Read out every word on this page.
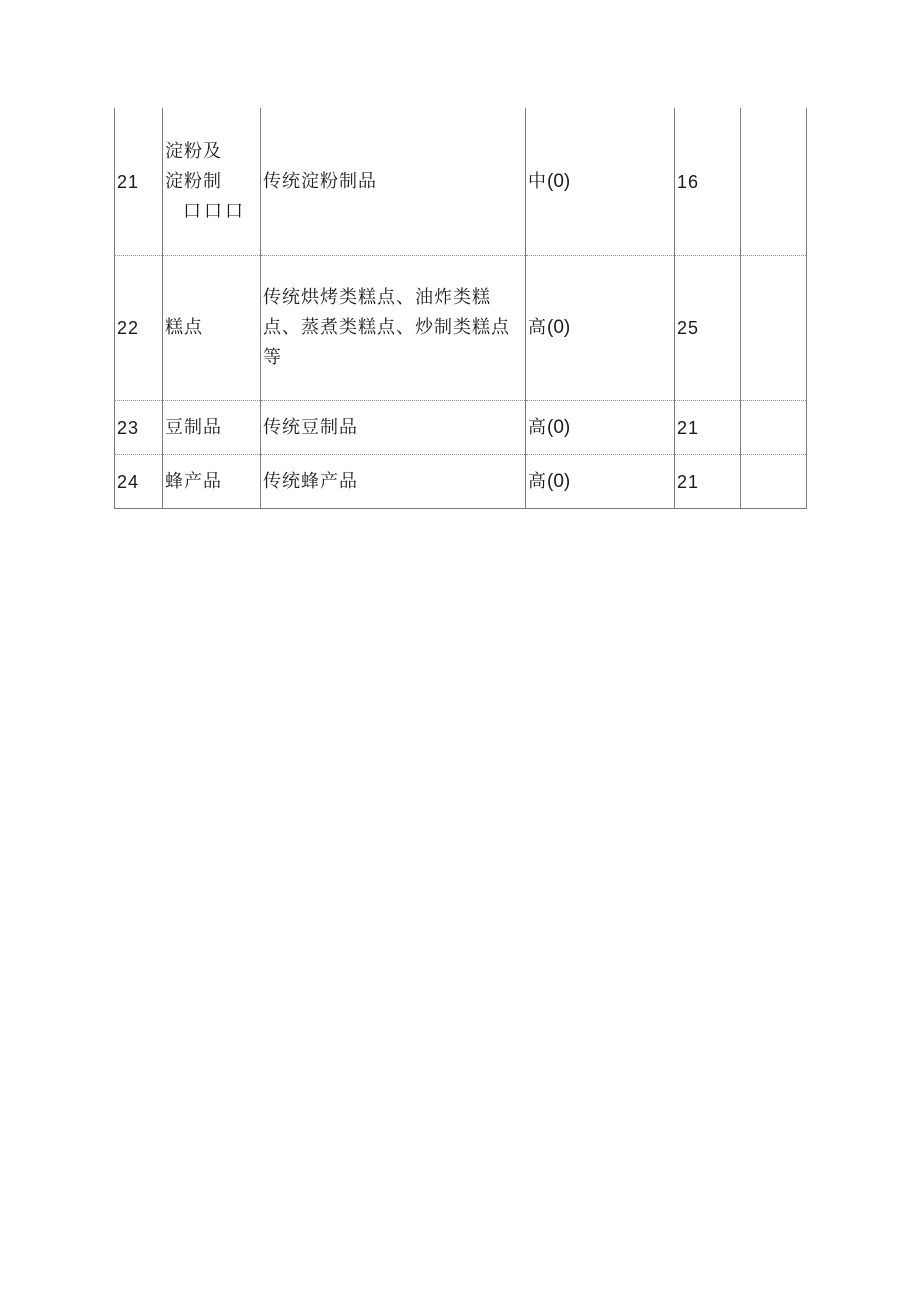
21	淀粉及
淀粉制
口口口	传统淀粉制品	中(0)	16	
22	糕点	传统烘烤类糕点、油炸类糕点、蒸煮类糕点、炒制类糕点等	高(0)	25	
23	豆制品	传统豆制品	高(0)	21	
24	蜂产品	传统蜂产品	高(0)	21	
